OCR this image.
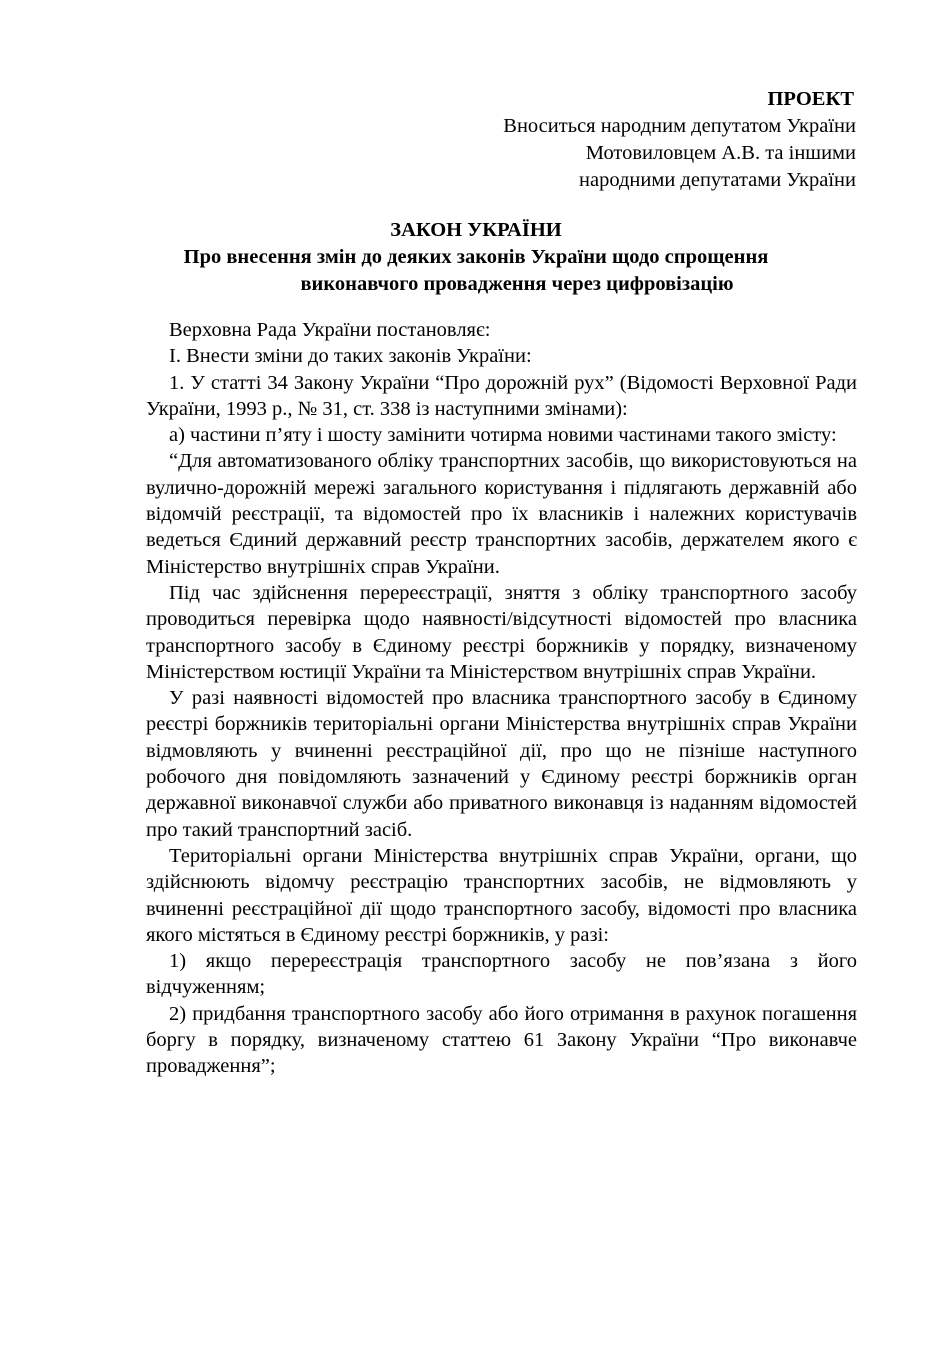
ПРОЕКТ
Вноситься народним депутатом України
Мотовиловцем А.В. та іншими
народними депутатами України
ЗАКОН УКРАЇНИ
Про внесення змін до деяких законів України щодо спрощення
виконавчого провадження через цифровізацію

Верховна Рада України постановляє:

І. Внести зміни до таких законів України:

1. У статті 34 Закону України “Про дорожній рух” (Відомості Верховної Ради України, 1993 р., № 31, ст. 338 із наступними змінами):

а) частини п’яту і шосту замінити чотирма новими частинами такого змісту:

“Для автоматизованого обліку транспортних засобів, що використовуються на вулично-дорожній мережі загального користування і підлягають державній або відомчій реєстрації, та відомостей про їх власників і належних користувачів ведеться Єдиний державний реєстр транспортних засобів, держателем якого є Міністерство внутрішніх справ України.

Під час здійснення перереєстрації, зняття з обліку транспортного засобу проводиться перевірка щодо наявності/відсутності відомостей про власника транспортного засобу в Єдиному реєстрі боржників у порядку, визначеному Міністерством юстиції України та Міністерством внутрішніх справ України.

У разі наявності відомостей про власника транспортного засобу в Єдиному реєстрі боржників територіальні органи Міністерства внутрішніх справ України відмовляють у вчиненні реєстраційної дії, про що не пізніше наступного робочого дня повідомляють зазначений у Єдиному реєстрі боржників орган державної виконавчої служби або приватного виконавця із наданням відомостей про такий транспортний засіб.

Територіальні органи Міністерства внутрішніх справ України, органи, що здійснюють відомчу реєстрацію транспортних засобів, не відмовляють у вчиненні реєстраційної дії щодо транспортного засобу, відомості про власника якого містяться в Єдиному реєстрі боржників, у разі:

1) якщо перереєстрація транспортного засобу не пов’язана з його відчуженням;

2) придбання транспортного засобу або його отримання в рахунок погашення боргу в порядку, визначеному статтею 61 Закону України “Про виконавче провадження”;
